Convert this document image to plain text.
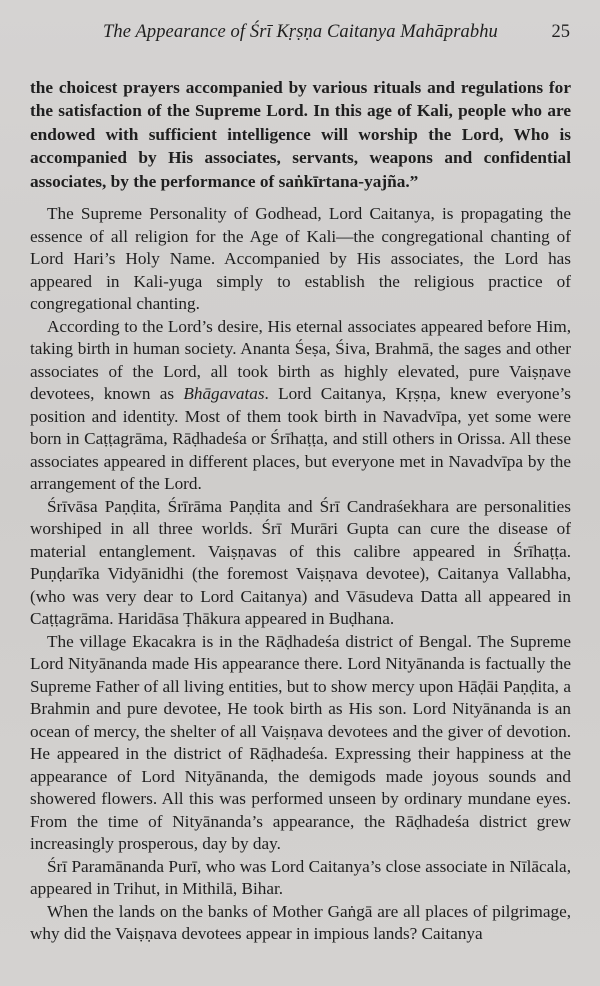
The Appearance of Śrī Kṛṣṇa Caitanya Mahāprabhu	25

the choicest prayers accompanied by various rituals and regulations for the satisfaction of the Supreme Lord. In this age of Kali, people who are endowed with sufficient intelligence will worship the Lord, Who is accompanied by His associates, servants, weapons and confidential associates, by the performance of saṅkīrtana-yajña.”

The Supreme Personality of Godhead, Lord Caitanya, is propagating the essence of all religion for the Age of Kali—the congregational chanting of Lord Hari’s Holy Name. Accompanied by His associates, the Lord has appeared in Kali-yuga simply to establish the religious practice of congregational chanting.

According to the Lord’s desire, His eternal associates appeared before Him, taking birth in human society. Ananta Śeṣa, Śiva, Brahmā, the sages and other associates of the Lord, all took birth as highly elevated, pure Vaiṣṇave devotees, known as Bhāgavatas. Lord Caitanya, Kṛṣṇa, knew everyone’s position and identity. Most of them took birth in Navadvīpa, yet some were born in Caṭṭagrāma, Rāḍhadeśa or Śrīhaṭṭa, and still others in Orissa. All these associates appeared in different places, but everyone met in Navadvīpa by the arrangement of the Lord.

Śrīvāsa Paṇḍita, Śrīrāma Paṇḍita and Śrī Candraśekhara are personalities worshiped in all three worlds. Śrī Murāri Gupta can cure the disease of material entanglement. Vaiṣṇavas of this calibre appeared in Śrīhaṭṭa. Puṇḍarīka Vidyānidhi (the foremost Vaiṣṇava devotee), Caitanya Vallabha, (who was very dear to Lord Caitanya) and Vāsudeva Datta all appeared in Caṭṭagrāma. Haridāsa Ṭhākura appeared in Buḍhana.

The village Ekacakra is in the Rāḍhadeśa district of Bengal. The Supreme Lord Nityānanda made His appearance there. Lord Nityānanda is factually the Supreme Father of all living entities, but to show mercy upon Hāḍāi Paṇḍita, a Brahmin and pure devotee, He took birth as His son. Lord Nityānanda is an ocean of mercy, the shelter of all Vaiṣṇava devotees and the giver of devotion. He appeared in the district of Rāḍhadeśa. Expressing their happiness at the appearance of Lord Nityānanda, the demigods made joyous sounds and showered flowers. All this was performed unseen by ordinary mundane eyes. From the time of Nityānanda’s appearance, the Rāḍhadeśa district grew increasingly prosperous, day by day.

Śrī Paramānanda Purī, who was Lord Caitanya’s close associate in Nīlācala, appeared in Trihut, in Mithilā, Bihar.

When the lands on the banks of Mother Gaṅgā are all places of pilgrimage, why did the Vaiṣṇava devotees appear in impious lands? Caitanya
